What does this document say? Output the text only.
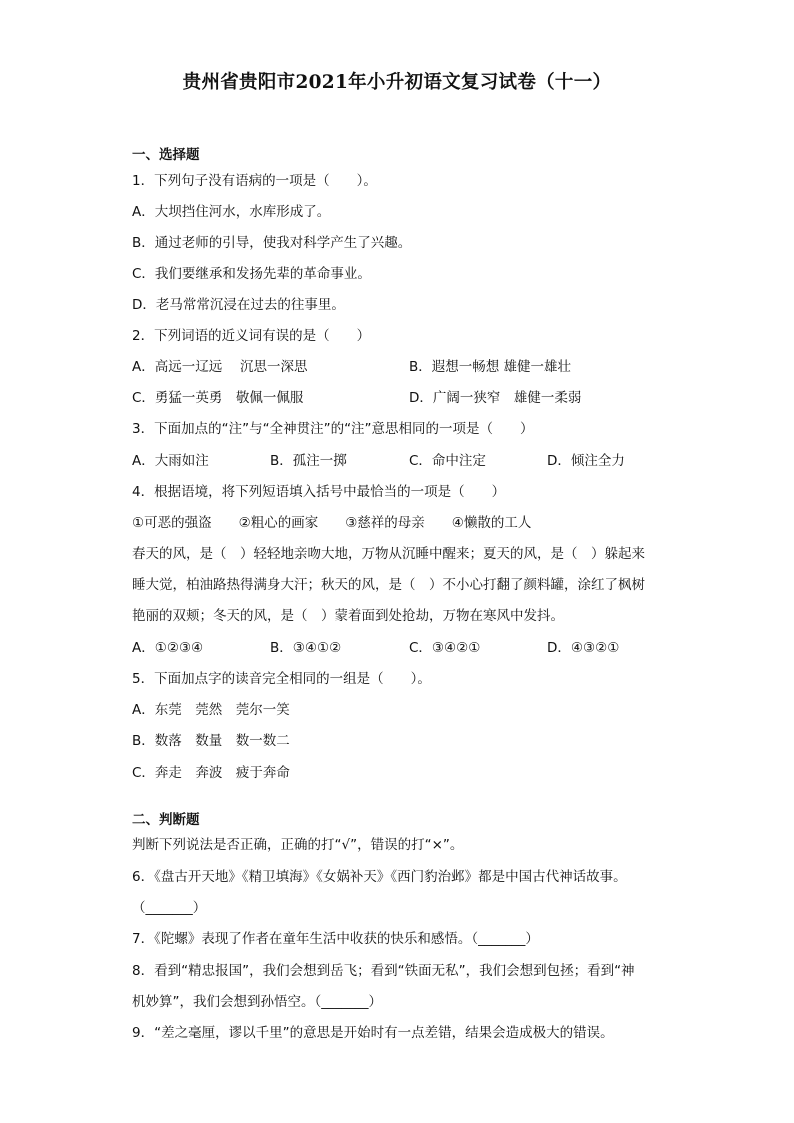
贵州省贵阳市2021年小升初语文复习试卷（十一）
一、选择题
1．下列句子没有语病的一项是（　　）。
A．大坝挡住河水，水库形成了。
B．通过老师的引导，使我对科学产生了兴趣。
C．我们要继承和发扬先辈的革命事业。
D．老马常常沉浸在过去的往事里。
2．下列词语的近义词有误的是（　　）
A．高远一辽远　 沉思一深思	B．遐想一畅想 雄健一雄壮
C．勇猛一英勇　敬佩一佩服	D．广阔一狭窄　雄健一柔弱
3．下面加点的“注”与“全神贯注”的“注”意思相同的一项是（　　）
A．大雨如注	B．孤注一掷	C．命中注定	D．倾注全力
4．根据语境，将下列短语填入括号中最恰当的一项是（　　）
①可恶的强盗　　②粗心的画家　　③慈祥的母亲　　④懒散的工人
春天的风，是（　）轻轻地亲吻大地，万物从沉睡中醒来；夏天的风，是（　）躲起来
睡大觉，柏油路热得满身大汗；秋天的风，是（　）不小心打翻了颜料罐，涂红了枫树
艳丽的双颊；冬天的风，是（　）蒙着面到处抢劫，万物在寒风中发抖。
A．①②③④	B．③④①②	C．③④②①	D．④③②①
5．下面加点字的读音完全相同的一组是（　　）。
A．东莞　莞然　莞尔一笑
B．数落　数量　数一数二
C．奔走　奔波　疲于奔命
二、判断题
判断下列说法是否正确，正确的打“√”，错误的打“×”。
6．《盘古开天地》《精卫填海》《女娲补天》《西门豹治邺》都是中国古代神话故事。
（_______）
7．《陀螺》表现了作者在童年生活中收获的快乐和感悟。（_______）
8．看到“精忠报国”，我们会想到岳飞；看到“铁面无私”，我们会想到包拯；看到“神
机妙算”，我们会想到孙悟空。（_______）
9．“差之毫厘，谬以千里”的意思是开始时有一点差错，结果会造成极大的错误。
